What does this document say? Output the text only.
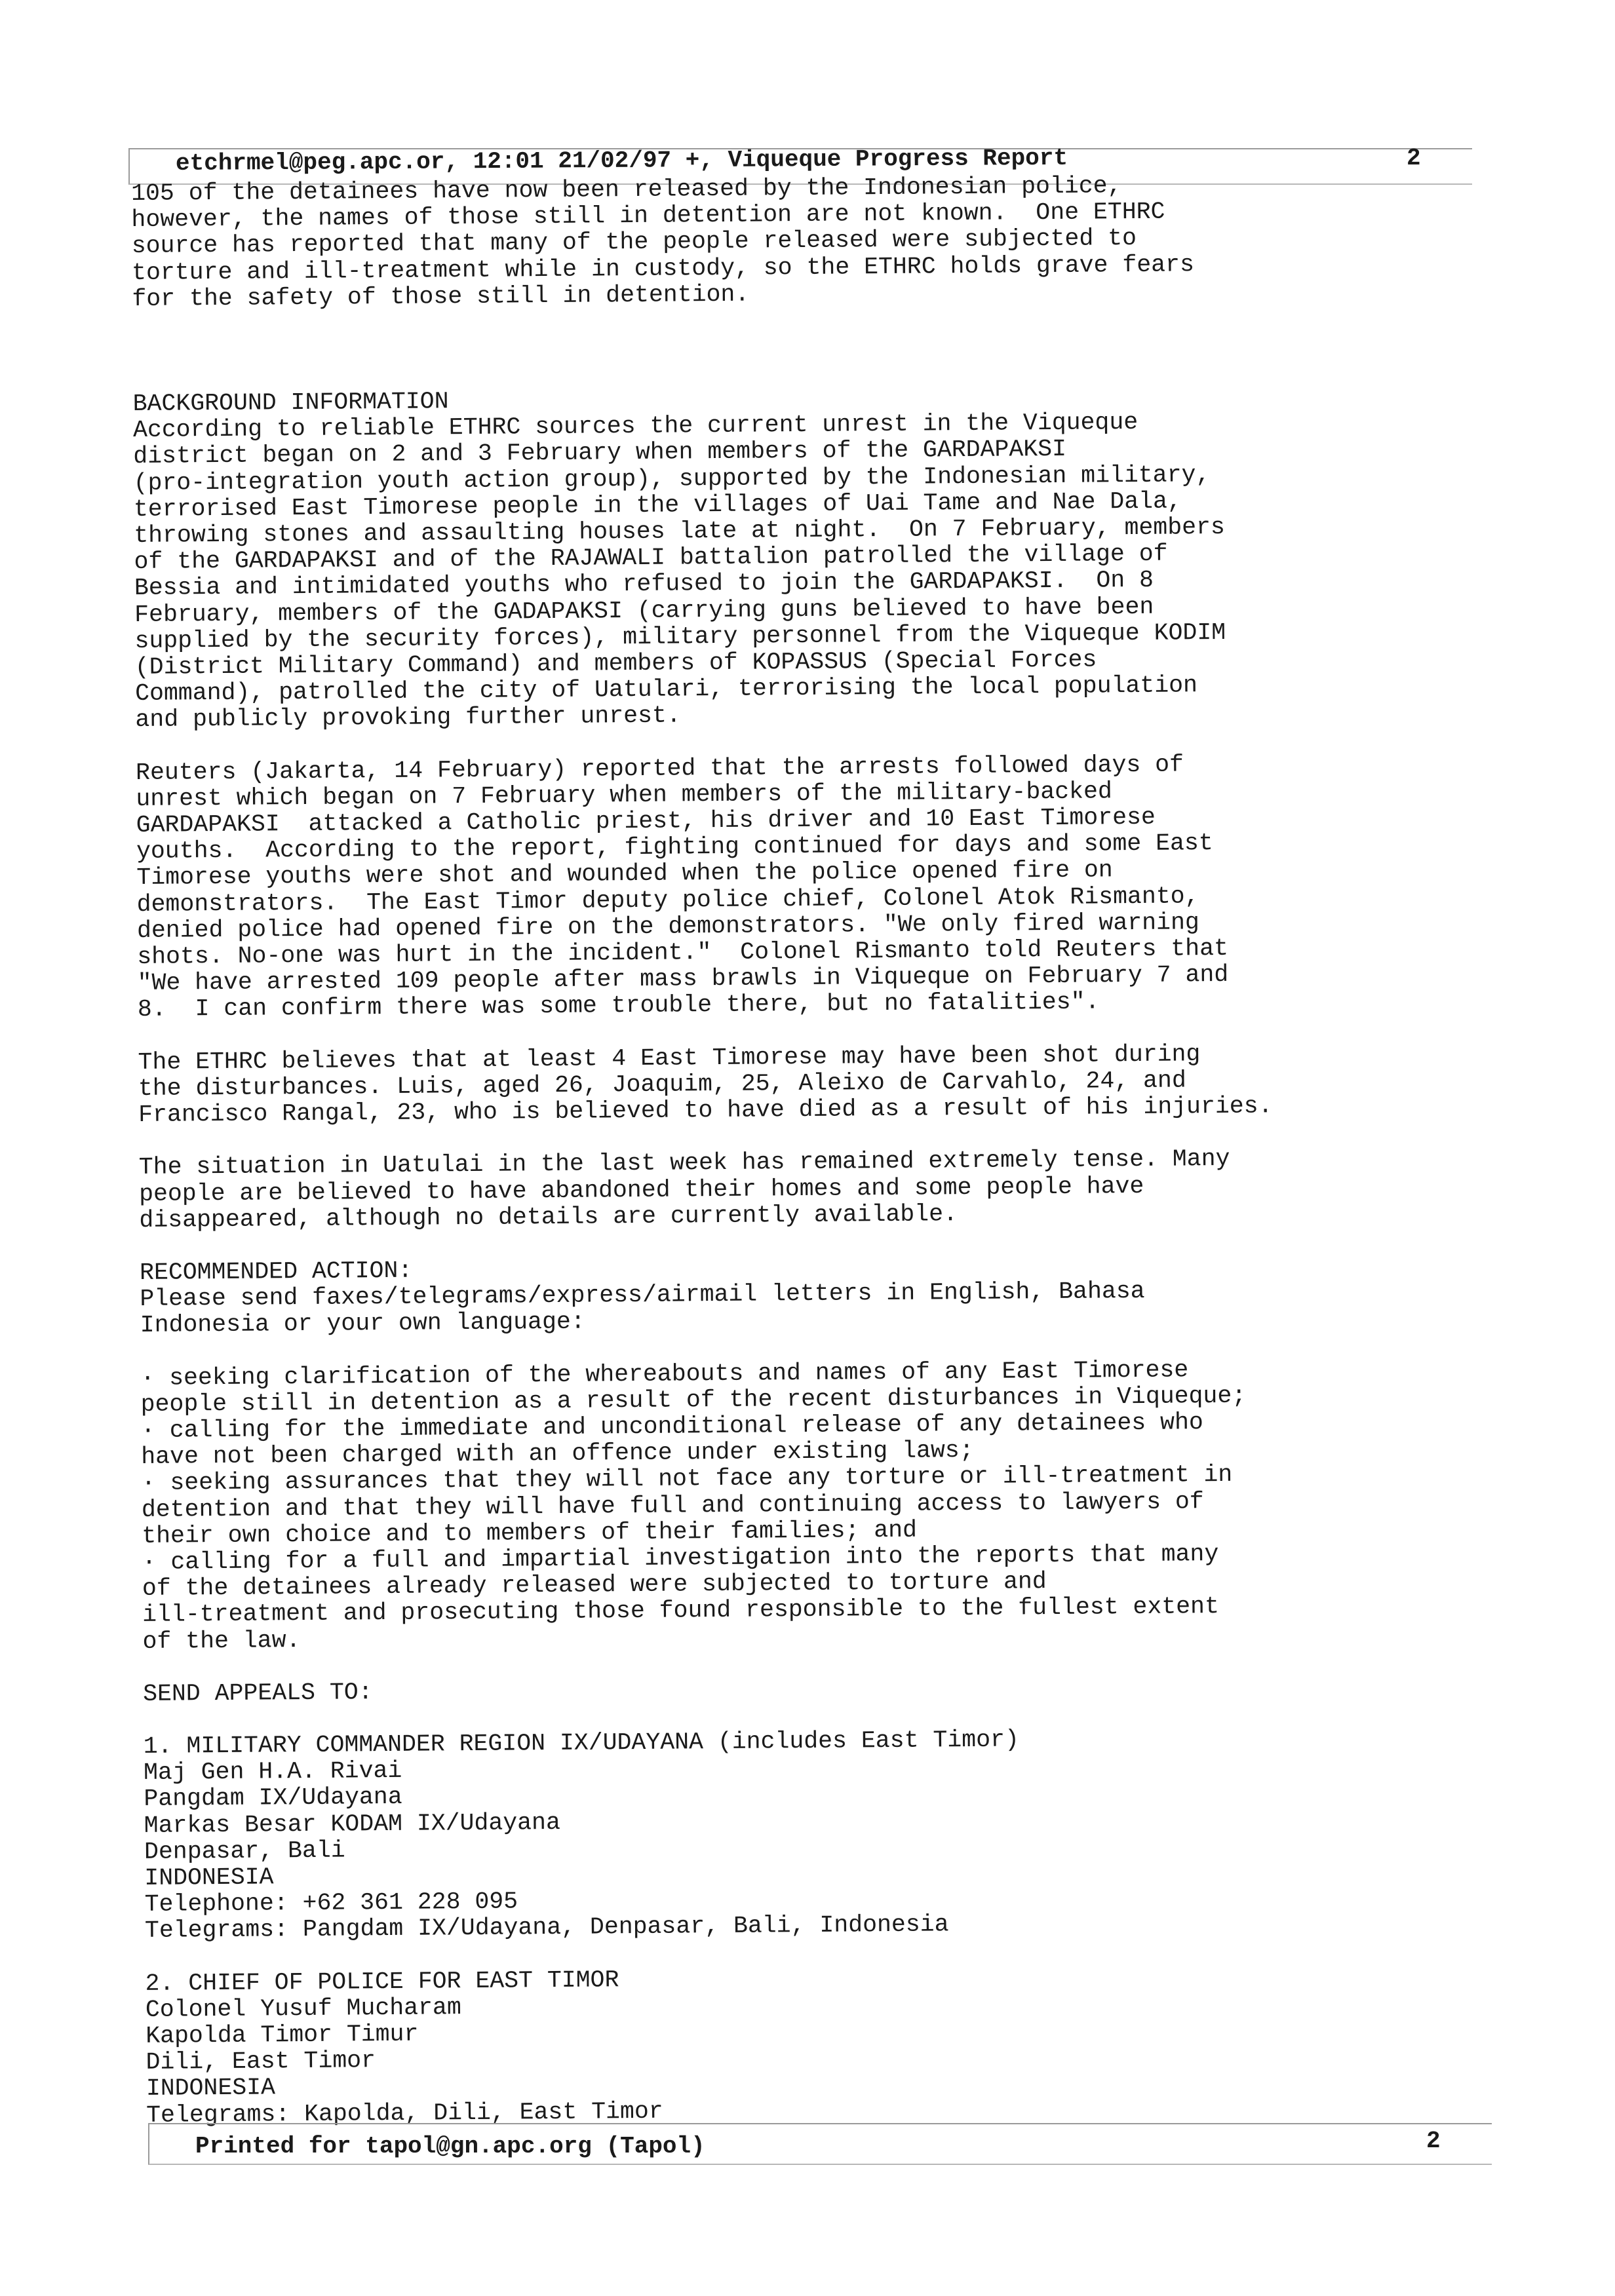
etchrmel@peg.apc.or, 12:01 21/02/97 +, Viqueque Progress Report	2
105 of the detainees have now been released by the Indonesian police,
however, the names of those still in detention are not known.  One ETHRC
source has reported that many of the people released were subjected to
torture and ill-treatment while in custody, so the ETHRC holds grave fears
for the safety of those still in detention.
BACKGROUND INFORMATION
According to reliable ETHRC sources the current unrest in the Viqueque
district began on 2 and 3 February when members of the GARDAPAKSI
(pro-integration youth action group), supported by the Indonesian military,
terrorised East Timorese people in the villages of Uai Tame and Nae Dala,
throwing stones and assaulting houses late at night.  On 7 February, members
of the GARDAPAKSI and of the RAJAWALI battalion patrolled the village of
Bessia and intimidated youths who refused to join the GARDAPAKSI.  On 8
February, members of the GADAPAKSI (carrying guns believed to have been
supplied by the security forces), military personnel from the Viqueque KODIM
(District Military Command) and members of KOPASSUS (Special Forces
Command), patrolled the city of Uatulari, terrorising the local population
and publicly provoking further unrest.
Reuters (Jakarta, 14 February) reported that the arrests followed days of
unrest which began on 7 February when members of the military-backed
GARDAPAKSI  attacked a Catholic priest, his driver and 10 East Timorese
youths.  According to the report, fighting continued for days and some East
Timorese youths were shot and wounded when the police opened fire on
demonstrators.  The East Timor deputy police chief, Colonel Atok Rismanto,
denied police had opened fire on the demonstrators. "We only fired warning
shots. No-one was hurt in the incident."  Colonel Rismanto told Reuters that
"We have arrested 109 people after mass brawls in Viqueque on February 7 and
8.  I can confirm there was some trouble there, but no fatalities".
The ETHRC believes that at least 4 East Timorese may have been shot during
the disturbances. Luis, aged 26, Joaquim, 25, Aleixo de Carvahlo, 24, and
Francisco Rangal, 23, who is believed to have died as a result of his injuries.
The situation in Uatulai in the last week has remained extremely tense. Many
people are believed to have abandoned their homes and some people have
disappeared, although no details are currently available.
RECOMMENDED ACTION:
Please send faxes/telegrams/express/airmail letters in English, Bahasa
Indonesia or your own language:
· seeking clarification of the whereabouts and names of any East Timorese
people still in detention as a result of the recent disturbances in Viqueque;
· calling for the immediate and unconditional release of any detainees who
have not been charged with an offence under existing laws;
· seeking assurances that they will not face any torture or ill-treatment in
detention and that they will have full and continuing access to lawyers of
their own choice and to members of their families; and
· calling for a full and impartial investigation into the reports that many
of the detainees already released were subjected to torture and
ill-treatment and prosecuting those found responsible to the fullest extent
of the law.
SEND APPEALS TO:
1. MILITARY COMMANDER REGION IX/UDAYANA (includes East Timor)
Maj Gen H.A. Rivai
Pangdam IX/Udayana
Markas Besar KODAM IX/Udayana
Denpasar, Bali
INDONESIA
Telephone: +62 361 228 095
Telegrams: Pangdam IX/Udayana, Denpasar, Bali, Indonesia
2. CHIEF OF POLICE FOR EAST TIMOR
Colonel Yusuf Mucharam
Kapolda Timor Timur
Dili, East Timor
INDONESIA
Telegrams: Kapolda, Dili, East Timor
Printed for tapol@gn.apc.org (Tapol)	2
